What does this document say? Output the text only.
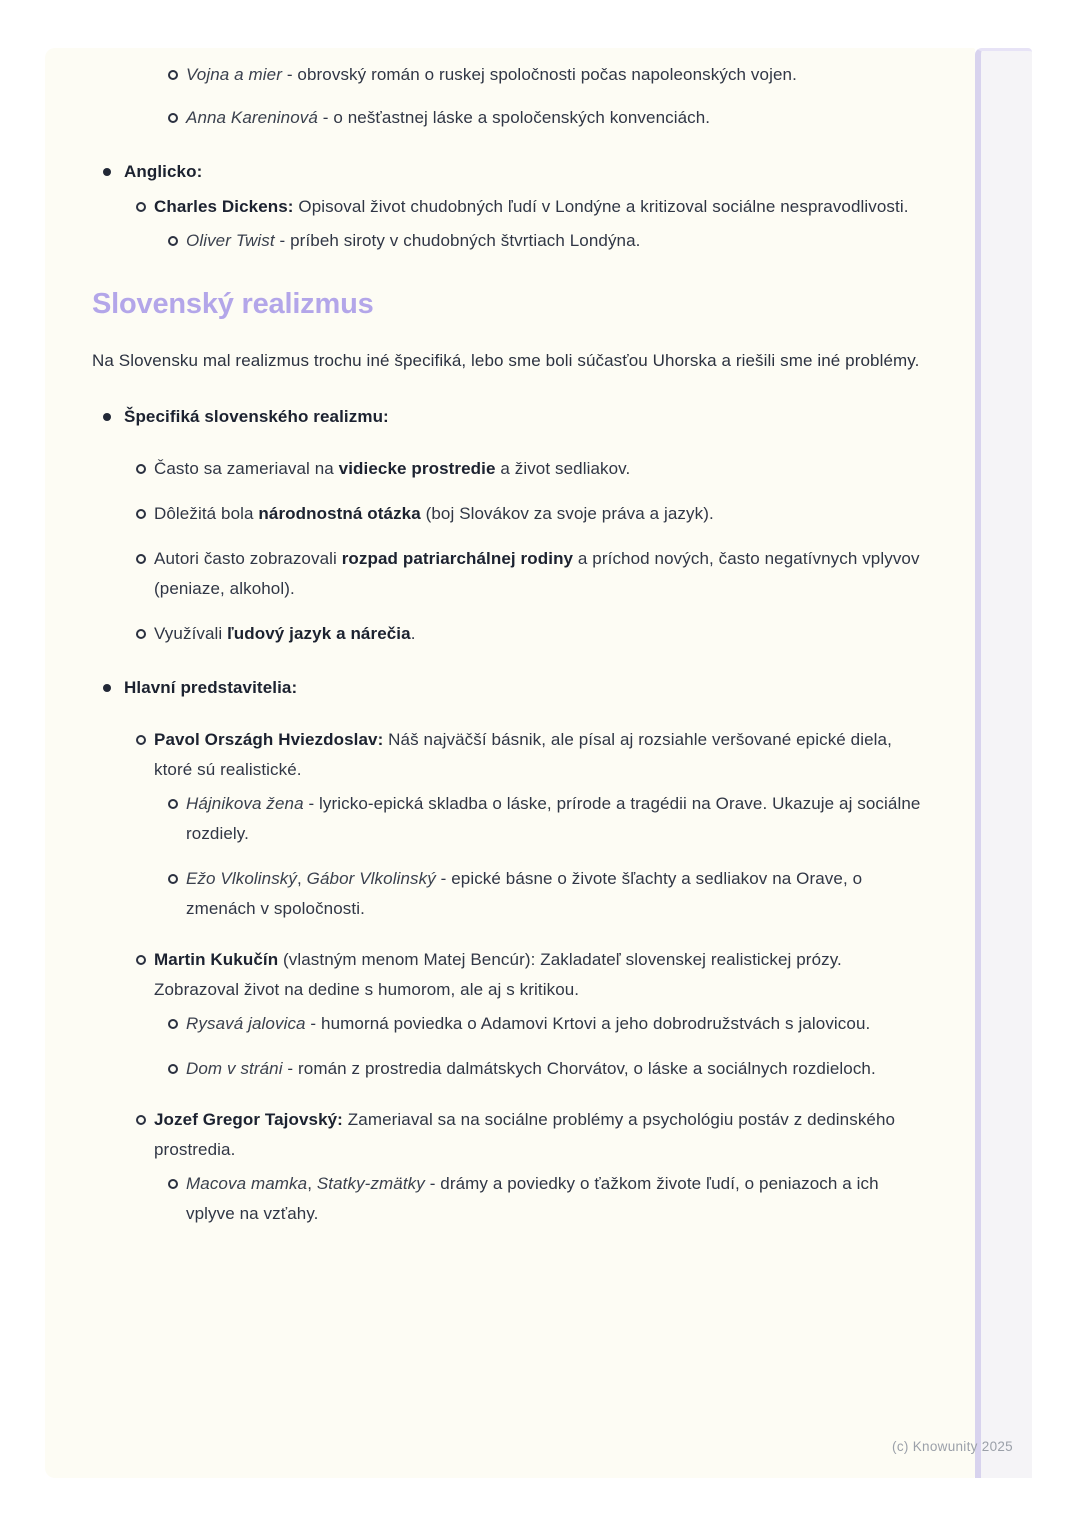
Vojna a mier - obrovský román o ruskej spoločnosti počas napoleonských vojen.
Anna Kareninová - o nešťastnej láske a spoločenských konvenciách.
Anglicko:
Charles Dickens: Opisoval život chudobných ľudí v Londýne a kritizoval sociálne nespravodlivosti.
Oliver Twist - príbeh siroty v chudobných štvrtiach Londýna.
Slovenský realizmus

Na Slovensku mal realizmus trochu iné špecifiká, lebo sme boli súčasťou Uhorska a riešili sme iné problémy.

Špecifiká slovenského realizmu:
Často sa zameriaval na vidiecke prostredie a život sedliakov.
Dôležitá bola národnostná otázka (boj Slovákov za svoje práva a jazyk).
Autori často zobrazovali rozpad patriarchálnej rodiny a príchod nových, často negatívnych vplyvov (peniaze, alkohol).
Využívali ľudový jazyk a nárečia.
Hlavní predstavitelia:
Pavol Országh Hviezdoslav: Náš najväčší básnik, ale písal aj rozsiahle veršované epické diela, ktoré sú realistické.
Hájnikova žena - lyricko-epická skladba o láske, prírode a tragédii na Orave. Ukazuje aj sociálne rozdiely.
Ežo Vlkolinský, Gábor Vlkolinský - epické básne o živote šľachty a sedliakov na Orave, o zmenách v spoločnosti.
Martin Kukučín (vlastným menom Matej Bencúr): Zakladateľ slovenskej realistickej prózy. Zobrazoval život na dedine s humorom, ale aj s kritikou.
Rysavá jalovica - humorná poviedka o Adamovi Krtovi a jeho dobrodružstvách s jalovicou.
Dom v stráni - román z prostredia dalmátskych Chorvátov, o láske a sociálnych rozdieloch.
Jozef Gregor Tajovský: Zameriaval sa na sociálne problémy a psychológiu postáv z dedinského prostredia.
Macova mamka, Statky-zmätky - drámy a poviedky o ťažkom živote ľudí, o peniazoch a ich vplyve na vzťahy.
(c) Knowunity 2025
